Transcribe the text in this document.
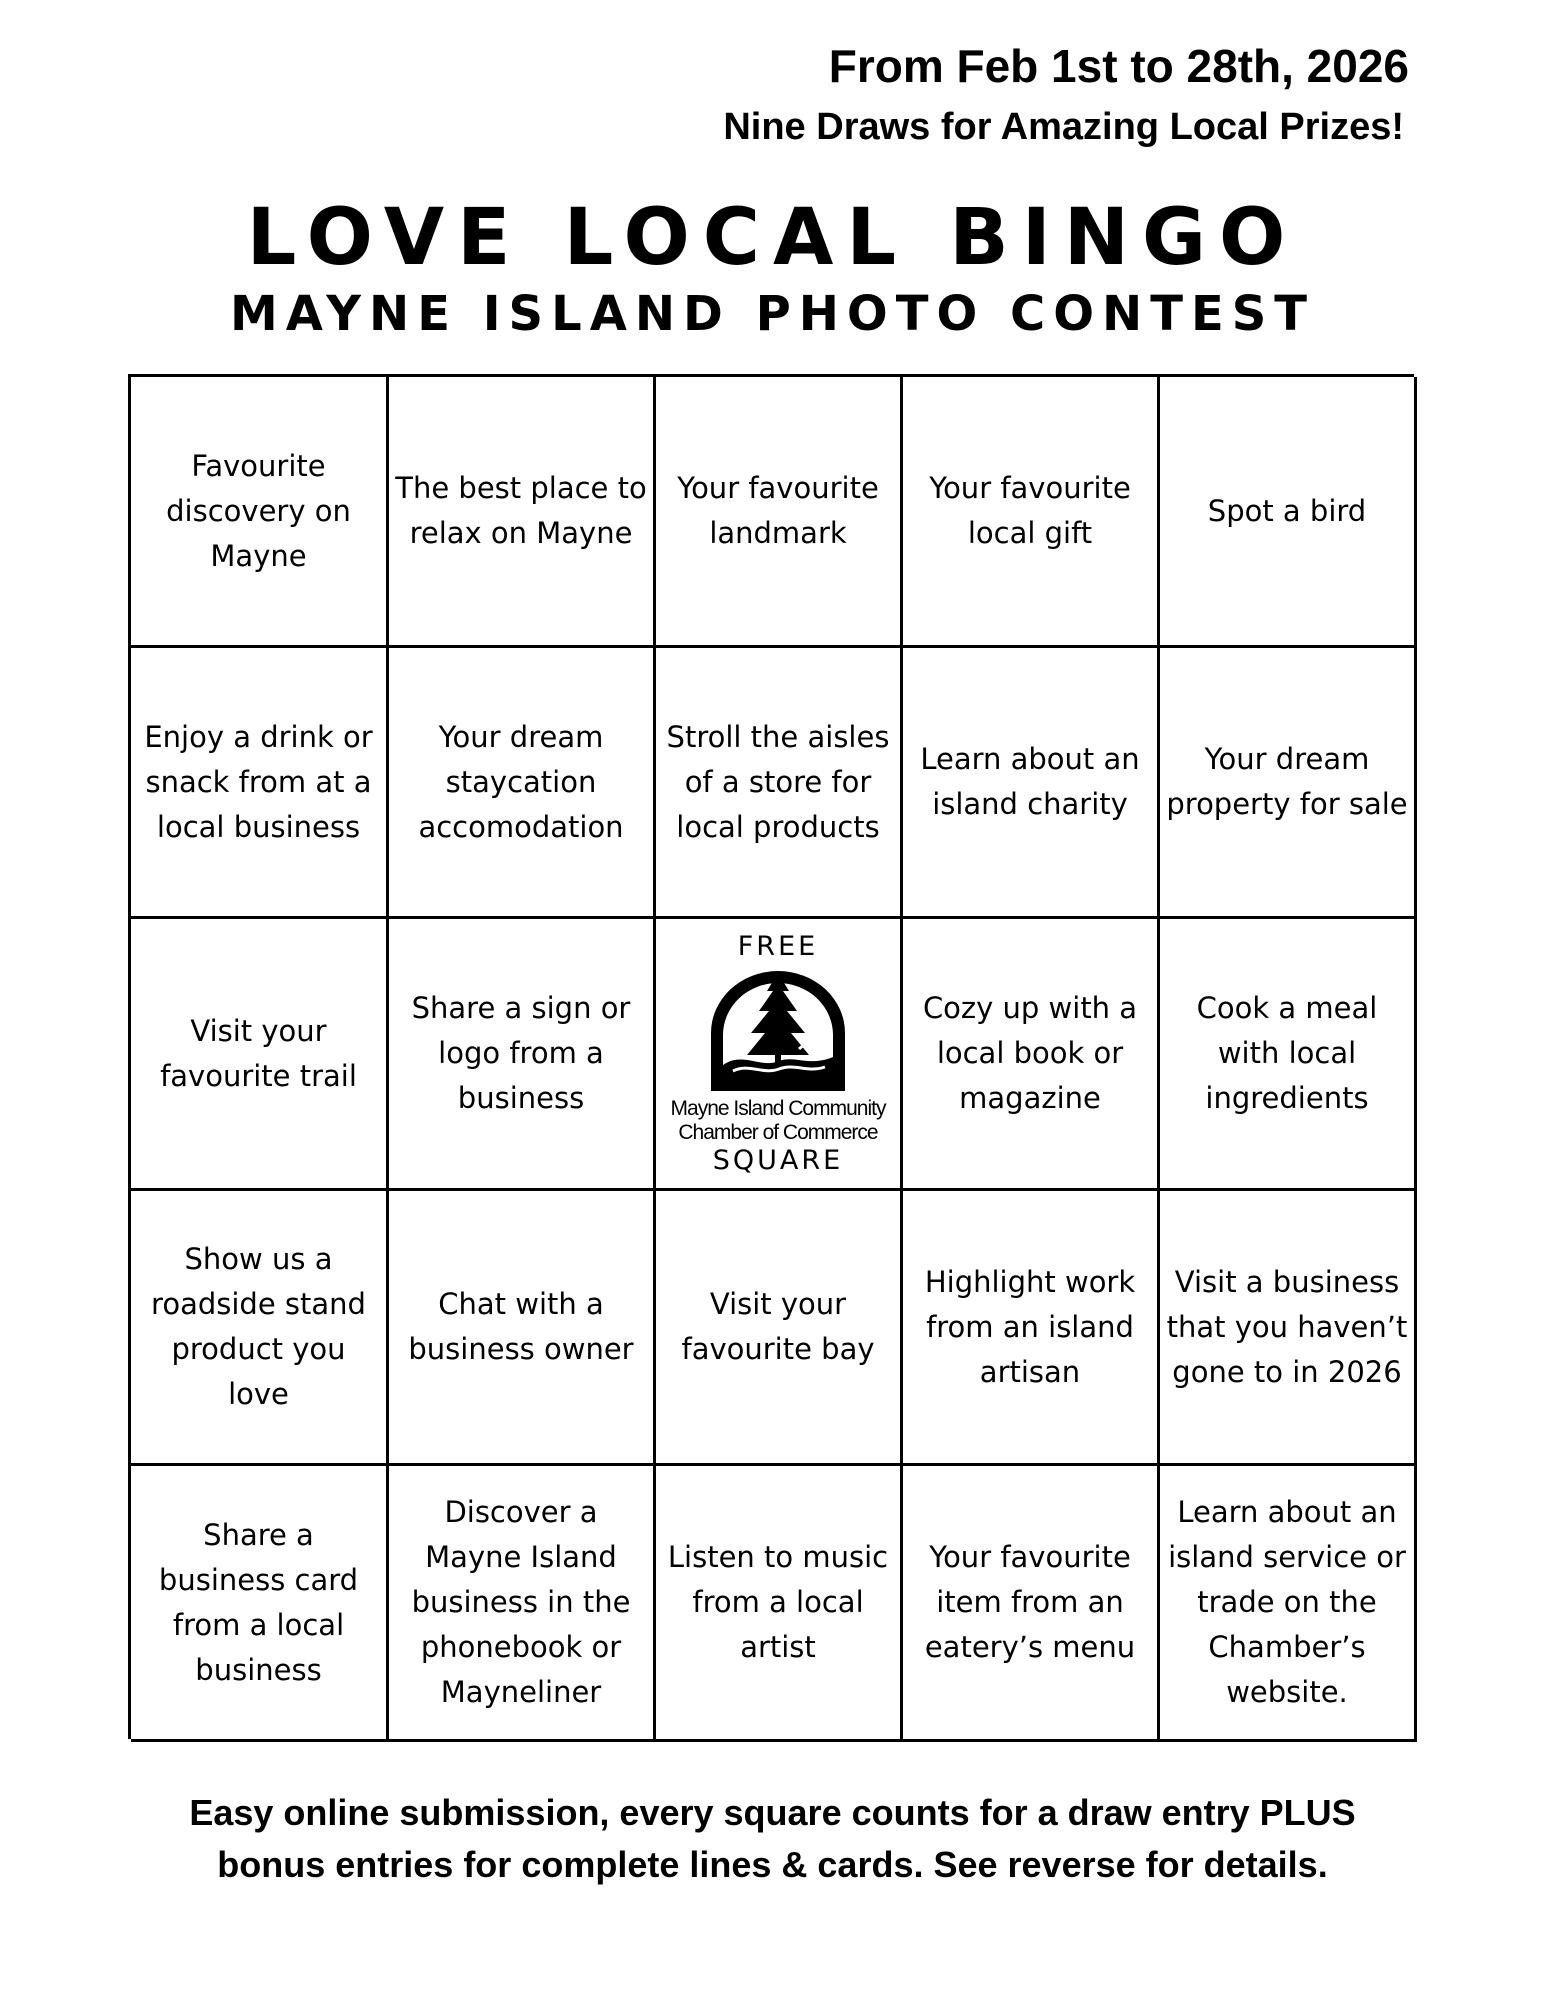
From Feb 1st to 28th, 2026
Nine Draws for Amazing Local Prizes!
LOVE LOCAL BINGO
MAYNE ISLAND PHOTO CONTEST
Favourite discovery on Mayne
The best place to relax on Mayne
Your favourite landmark
Your favourite local gift
Spot a bird
Enjoy a drink or snack from at a local business
Your dream staycation accomodation
Stroll the aisles of a store for local products
Learn about an island charity
Your dream property for sale
Visit your favourite trail
Share a sign or logo from a business
FREE
Mayne Island Community
Chamber of Commerce
SQUARE
Cozy up with a local book or magazine
Cook a meal with local ingredients
Show us a roadside stand product you love
Chat with a business owner
Visit your favourite bay
Highlight work from an island artisan
Visit a business that you haven’t gone to in 2026
Share a business card from a local business
Discover a Mayne Island business in the phonebook or Mayneliner
Listen to music from a local artist
Your favourite item from an eatery’s menu
Learn about an island service or trade on the Chamber’s website.
Easy online submission, every square counts for a draw entry PLUS
bonus entries for complete lines & cards. See reverse for details.
